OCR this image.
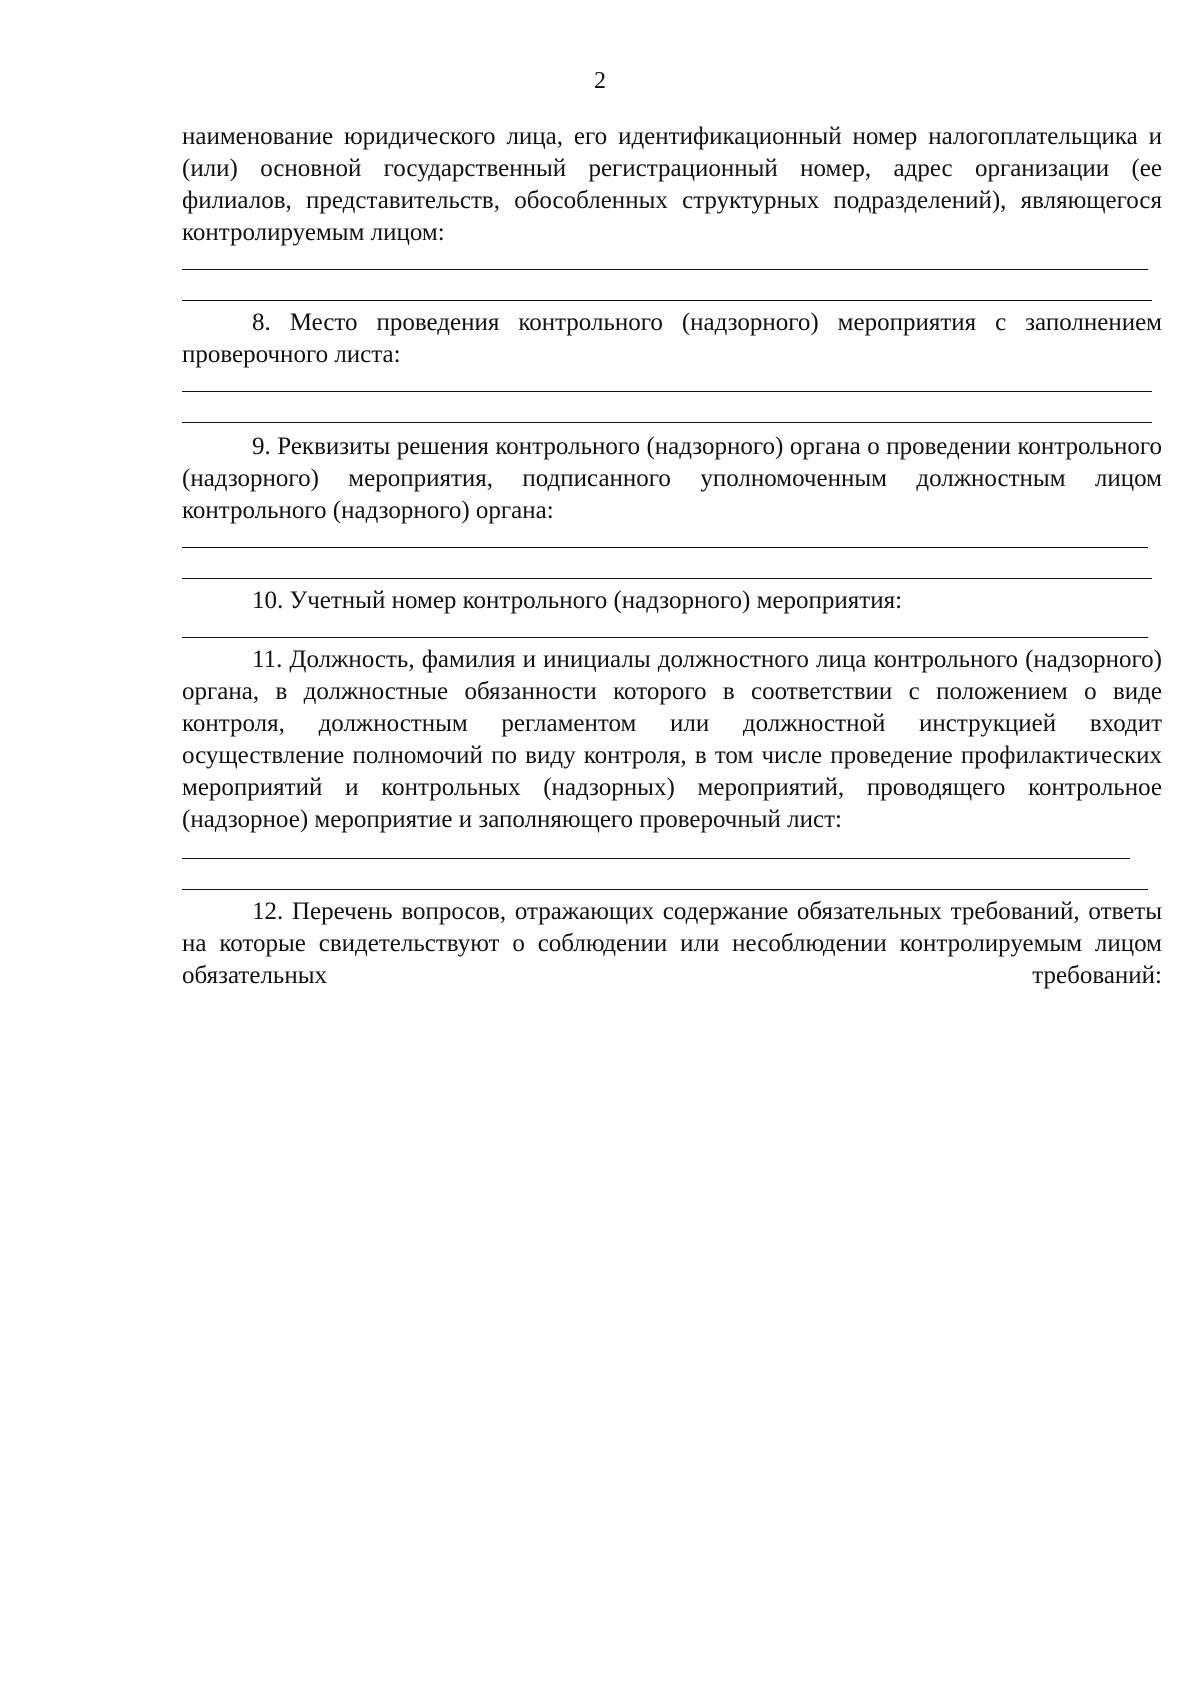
2

наименование юридического лица, его идентификационный номер налогоплательщика и (или) основной государственный регистрационный номер, адрес организации (ее филиалов, представительств, обособленных структурных подразделений), являющегося контролируемым лицом:

8. Место проведения контрольного (надзорного) мероприятия с заполнением проверочного листа:

9. Реквизиты решения контрольного (надзорного) органа о проведении контрольного (надзорного) мероприятия, подписанного уполномоченным должностным лицом контрольного (надзорного) органа:

10. Учетный номер контрольного (надзорного) мероприятия:

11. Должность, фамилия и инициалы должностного лица контрольного (надзорного) органа, в должностные обязанности которого в соответствии с положением о виде контроля, должностным регламентом или должностной инструкцией входит осуществление полномочий по виду контроля, в том числе проведение профилактических мероприятий и контрольных (надзорных) мероприятий, проводящего контрольное (надзорное) мероприятие и заполняющего проверочный лист:

12. Перечень вопросов, отражающих содержание обязательных требований, ответы на которые свидетельствуют о соблюдении или несоблюдении контролируемым лицом обязательных требований:
